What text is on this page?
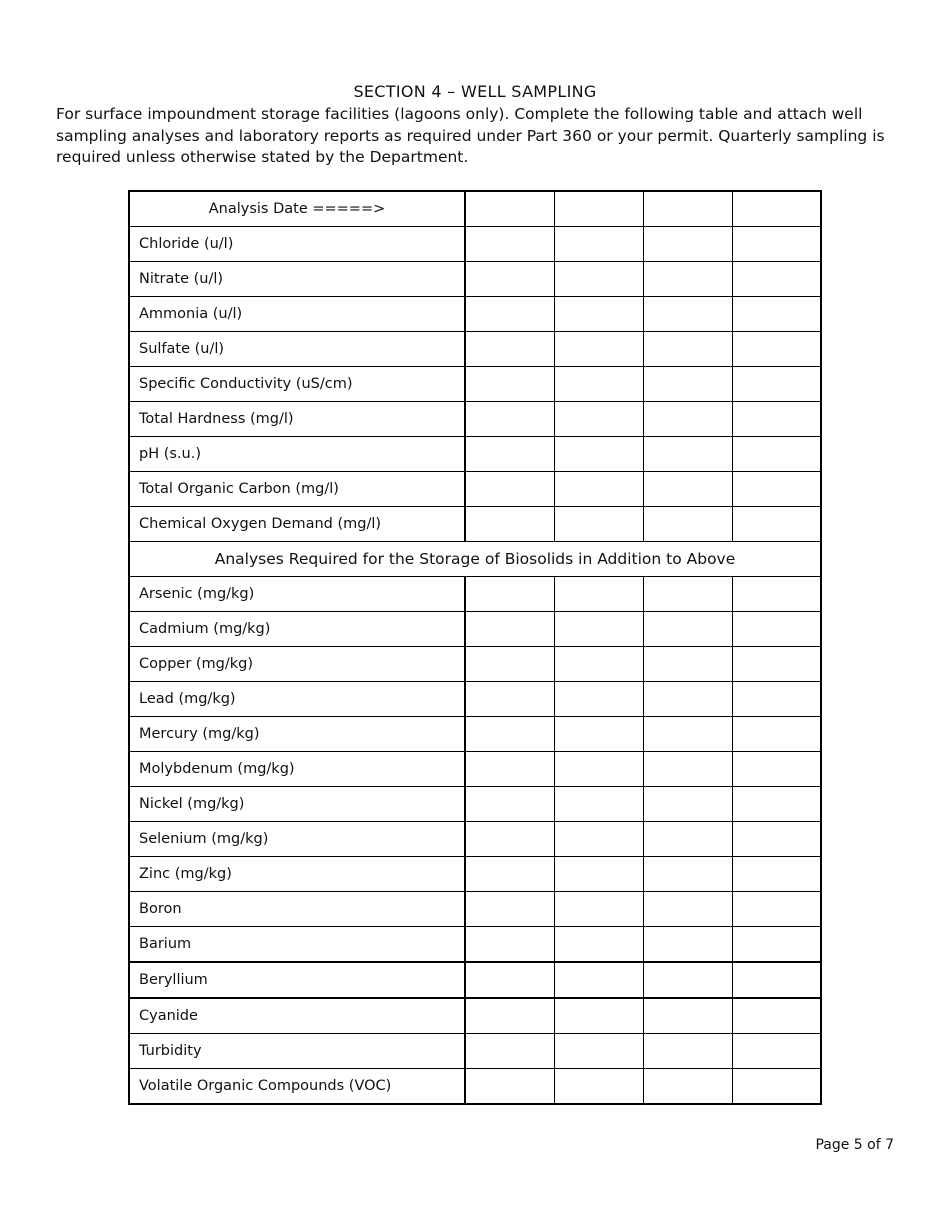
SECTION 4 – WELL SAMPLING
For surface impoundment storage facilities (lagoons only). Complete the following table and attach well sampling analyses and laboratory reports as required under Part 360 or your permit. Quarterly sampling is required unless otherwise stated by the Department.
Analysis Date =====>				
Chloride (u/l)				
Nitrate (u/l)				
Ammonia (u/l)				
Sulfate (u/l)				
Specific Conductivity (uS/cm)				
Total Hardness (mg/l)				
pH (s.u.)				
Total Organic Carbon (mg/l)				
Chemical Oxygen Demand (mg/l)				
Analyses Required for the Storage of Biosolids in Addition to Above				
Arsenic (mg/kg)				
Cadmium (mg/kg)				
Copper (mg/kg)				
Lead (mg/kg)				
Mercury (mg/kg)				
Molybdenum (mg/kg)				
Nickel (mg/kg)				
Selenium (mg/kg)				
Zinc (mg/kg)				
Boron				
Barium				
Beryllium				
Cyanide				
Turbidity				
Volatile Organic Compounds (VOC)				
Page 5 of 7
